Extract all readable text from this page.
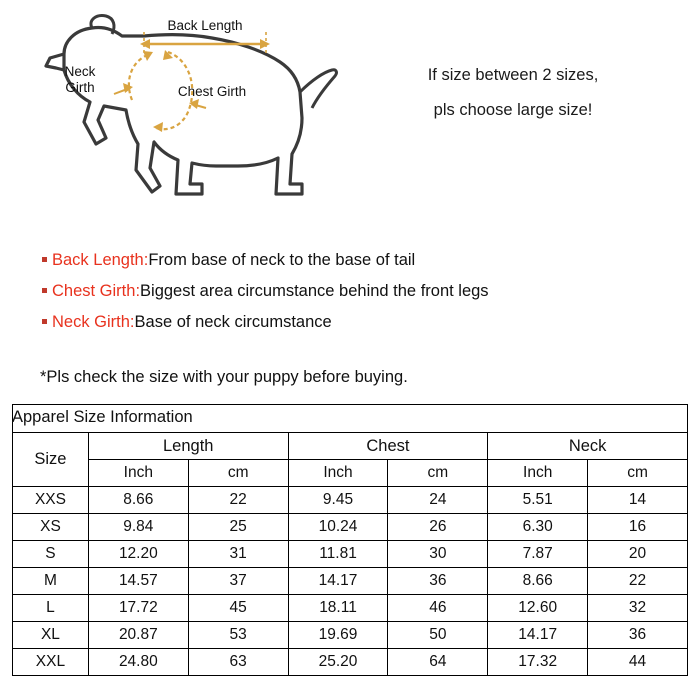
Back Length
Neck
Girth	Chest Girth
If size between 2 sizes,
pls choose large size!
Back Length: From base of neck to the base of tail
Chest Girth: Biggest area circumstance behind the front legs
Neck Girth: Base of neck circumstance
*Pls check the size with your puppy before buying.
Apparel Size Information
Size	Length		Chest		Neck	
	Inch	cm	Inch	cm	Inch	cm
XXS	8.66	22	9.45	24	5.51	14
XS	9.84	25	10.24	26	6.30	16
S	12.20	31	11.81	30	7.87	20
M	14.57	37	14.17	36	8.66	22
L	17.72	45	18.11	46	12.60	32
XL	20.87	53	19.69	50	14.17	36
XXL	24.80	63	25.20	64	17.32	44
